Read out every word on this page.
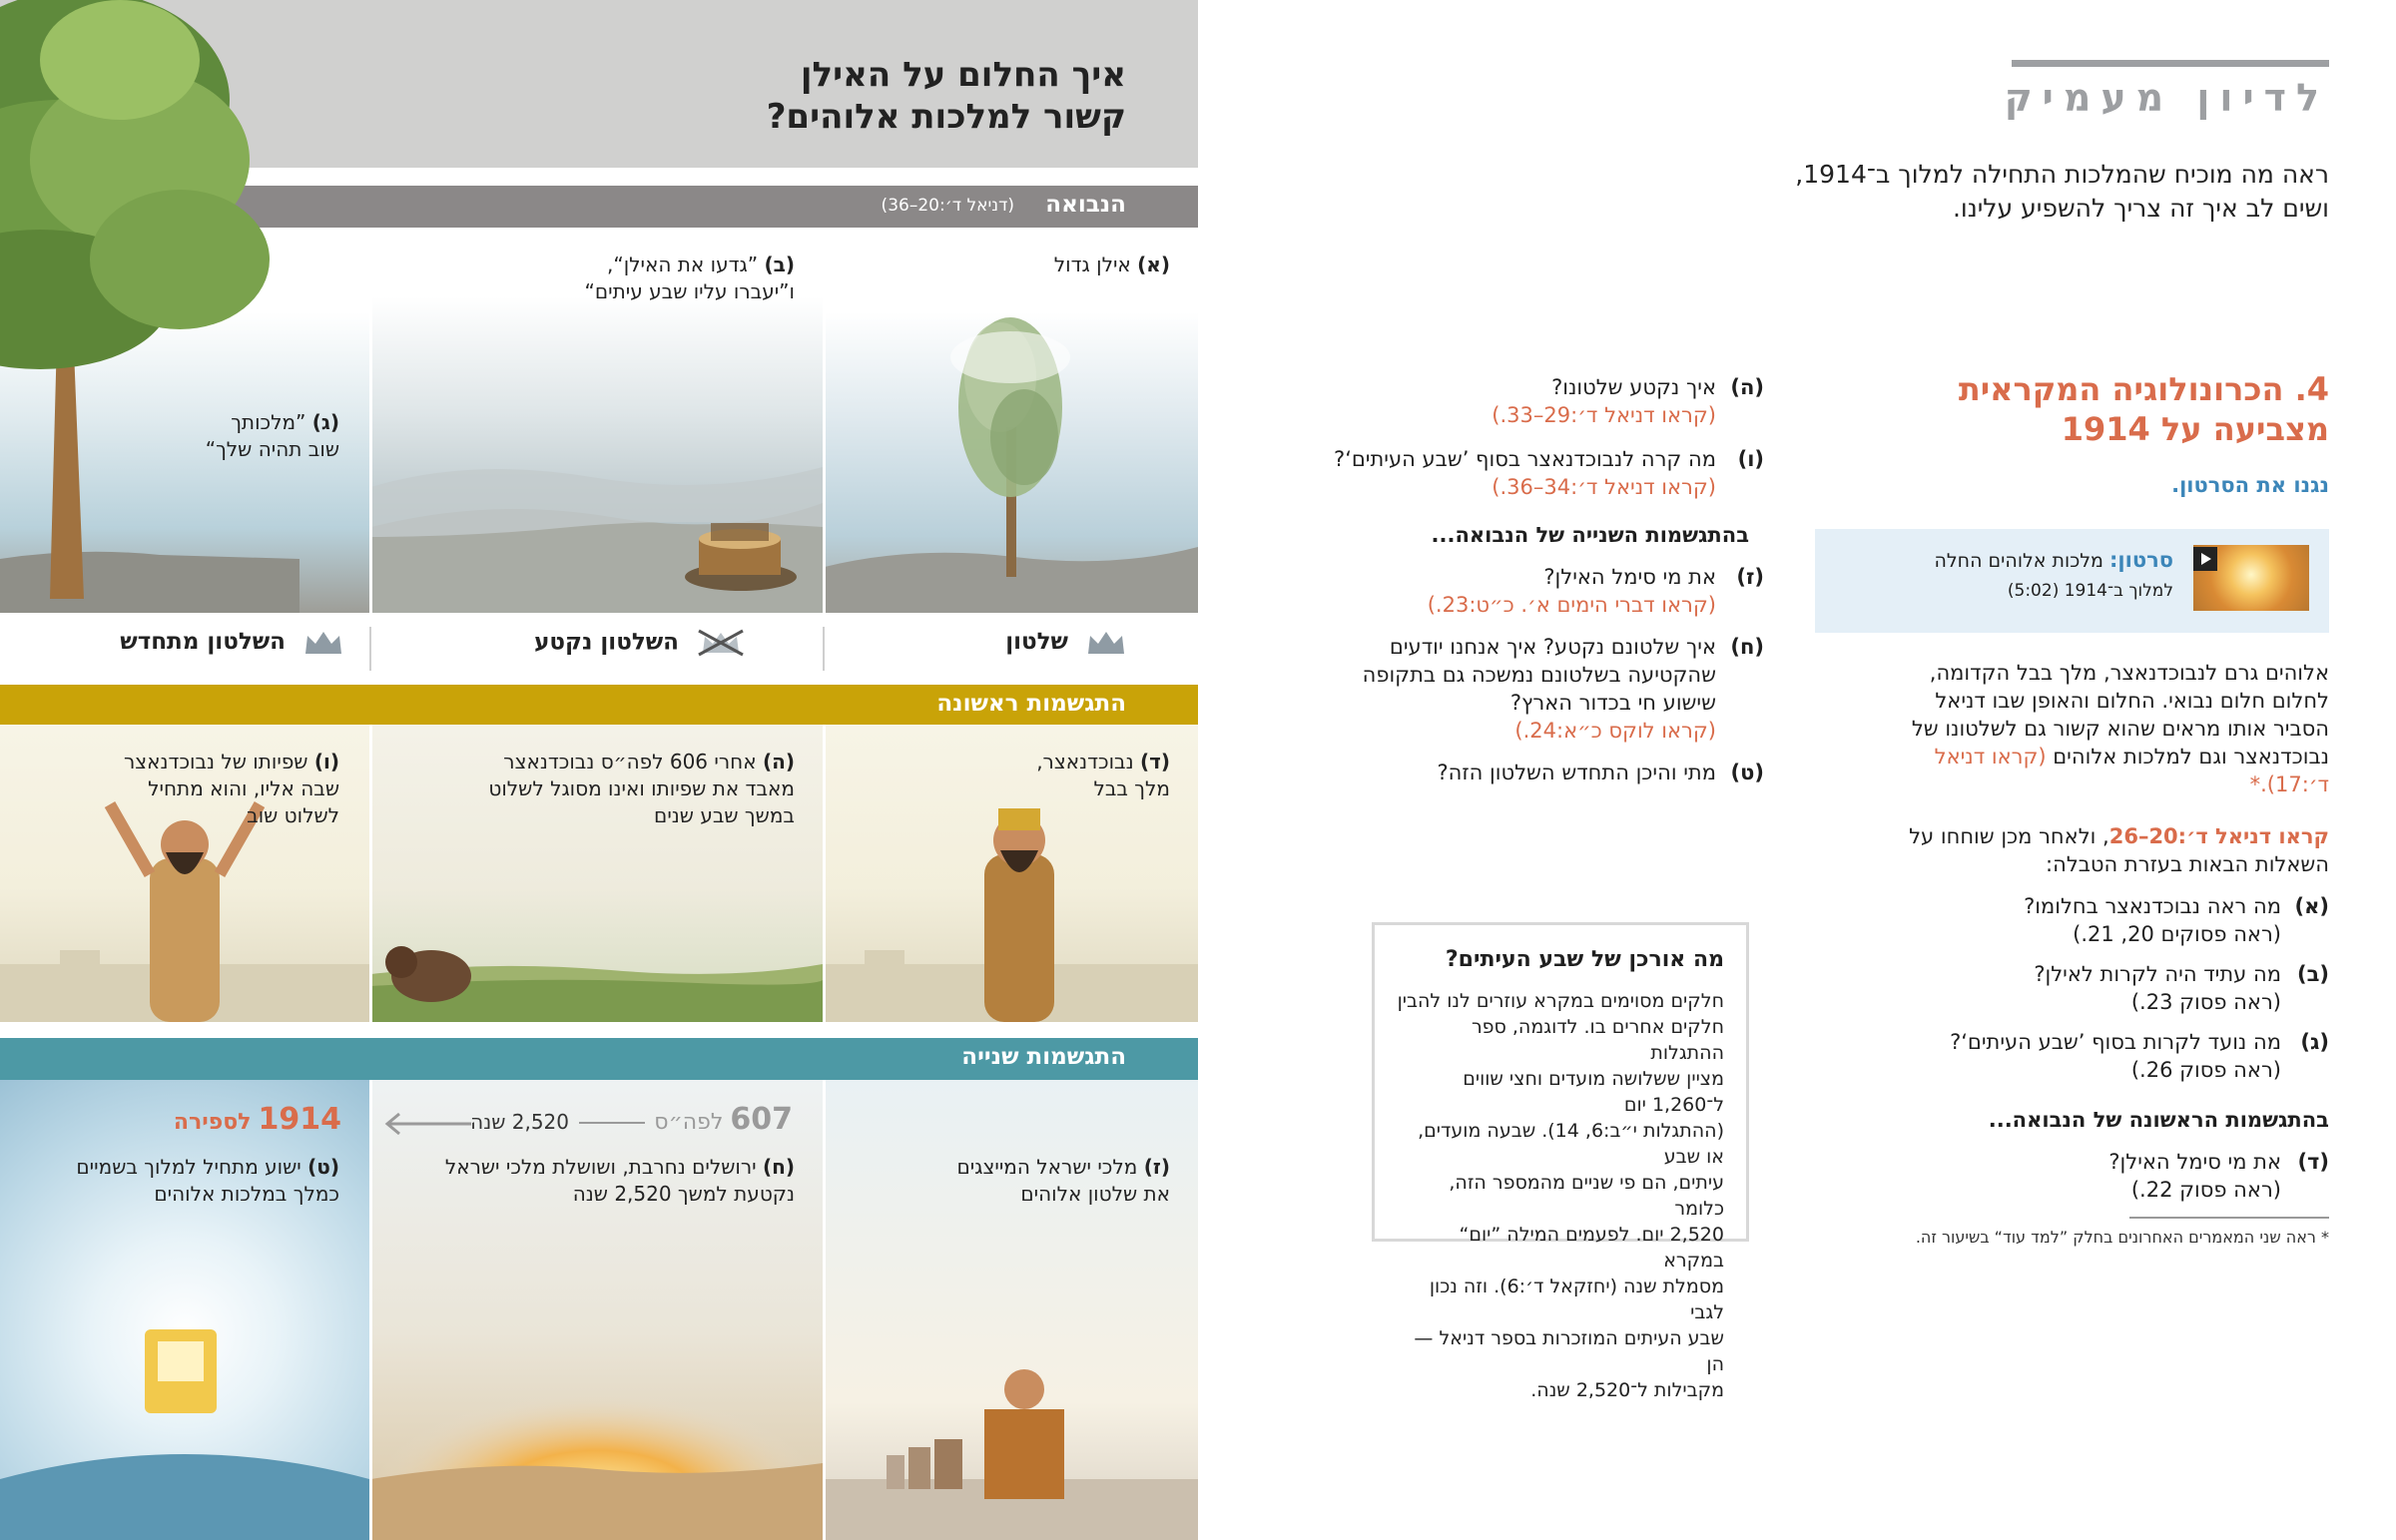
איך החלום על האילן
קשור למלכות אלוהים?
הנבואה
(דניאל ד׳:20–36)
(א) אילן גדול
(ב) ”גדעו את האילן“,
ו”יעברו עליו שבע עיתים“
(ג) ”מלכותך
שוב תהיה שלך“
שלטון
השלטון נקטע
השלטון מתחדש
התגשמות ראשונה
(ד) נבוכדנאצר,
מלך בבל
(ה) אחרי 606 לפה״ס נבוכדנאצר
מאבד את שפיותו ואינו מסוגל לשלוט
במשך שבע שנים
(ו) שפיותו של נבוכדנאצר
שבה אליו, והוא מתחיל
לשלוט שוב
התגשמות שנייה
(ז) מלכי ישראל המייצגים
את שלטון אלוהים
(ח) ירושלים נחרבת, ושושלת מלכי ישראל
נקטעת למשך 2,520 שנה
(ט) ישוע מתחיל למלוך בשמיים
כמלך במלכות אלוהים
607 לפה״ס
2,520 שנה
1914 לספירה
לדיון מעמיק
ראה מה מוכיח שהמלכות התחילה למלוך ב־1914,
ושים לב איך זה צריך להשפיע עלינו.
4. הכרונולוגיה המקראית
מצביעה על 1914
נגנו את הסרטון.
סרטון: מלכות אלוהים החלה
למלוך ב־1914 (5:02)
אלוהים גרם לנבוכדנאצר, מלך בבל הקדומה,
לחלום חלום נבואי. החלום והאופן שבו דניאל
הסביר אותו מראים שהוא קשור גם לשלטונו של
נבוכדנאצר וגם למלכות אלוהים (קראו דניאל ד׳:17).*
קראו דניאל ד׳:20–26, ולאחר מכן שוחחו על
השאלות הבאות בעזרת הטבלה:
(א)
מה ראה נבוכדנאצר בחלומו?
(ראה פסוקים 20, 21.)
(ב)
מה עתיד היה לקרות לאילן?
(ראה פסוק 23.)
(ג)
מה נועד לקרות בסוף ’שבע העיתים‘?
(ראה פסוק 26.)
בהתגשמות הראשונה של הנבואה...
(ד)
את מי סימל האילן?
(ראה פסוק 22.)
* ראה שני המאמרים האחרונים בחלק ”למד עוד“ בשיעור זה.
(ה)
איך נקטע שלטונו?
(קראו דניאל ד׳:29–33.)
(ו)
מה קרה לנבוכדנאצר בסוף ’שבע העיתים‘?
(קראו דניאל ד׳:34–36.)
בהתגשמות השנייה של הנבואה...
(ז)
את מי סימל האילן?
(קראו דברי הימים א׳. כ״ט:23.)
(ח)
איך שלטונם נקטע? איך אנחנו יודעים
שהקטיעה בשלטונם נמשכה גם בתקופה
שישוע חי בכדור הארץ?
(קראו לוקס כ״א:24.)
(ט)
מתי והיכן התחדש השלטון הזה?
מה אורכן של שבע העיתים?
חלקים מסוימים במקרא עוזרים לנו להבין
חלקים אחרים בו. לדוגמה, ספר ההתגלות
מציין ששלושה מועדים וחצי שווים ל־1,260 יום
(ההתגלות י״ב:6, 14). שבעה מועדים, או שבע
עיתים, הם פי שניים מהמספר הזה, כלומר
2,520 יום. לפעמים המילה ”יום“ במקרא
מסמלת שנה (יחזקאל ד׳:6). וזה נכון לגבי
שבע העיתים המוזכרות בספר דניאל — הן
מקבילות ל־2,520 שנה.
